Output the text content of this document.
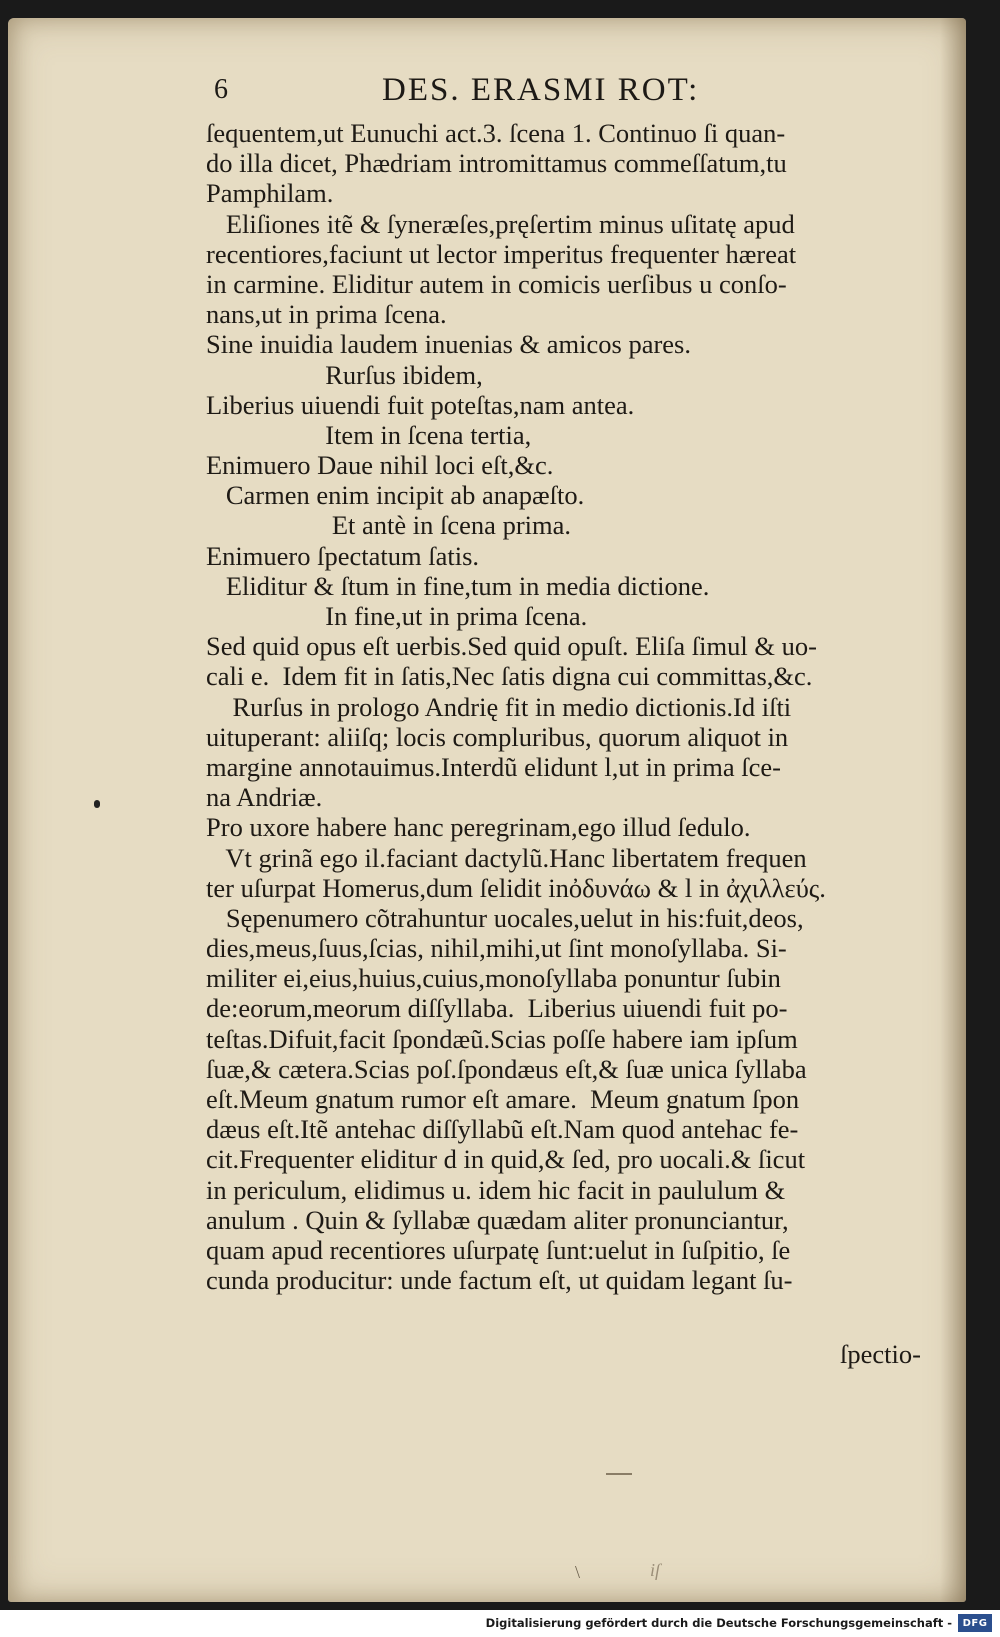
6	DES. ERASMI ROT:
ſequentem,ut Eunuchi act.3. ſcena 1. Continuo ſi quan-
do illa dicet, Phædriam intromittamus commeſſatum,tu
Pamphilam.
Eliſiones itẽ & ſyneræſes,pręſertim minus uſitatę apud
recentiores,faciunt ut lector imperitus frequenter hæreat
in carmine. Eliditur autem in comicis uerſibus u conſo-
nans,ut in prima ſcena.
Sine inuidia laudem inuenias & amicos pares.
Rurſus ibidem,
Liberius uiuendi fuit poteſtas,nam antea.
Item in ſcena tertia,
Enimuero Daue nihil loci eſt,&c.
Carmen enim incipit ab anapæſto.
Et antè in ſcena prima.
Enimuero ſpectatum ſatis.
Eliditur & ſtum in fine,tum in media dictione.
In fine,ut in prima ſcena.
Sed quid opus eſt uerbis.Sed quid opuſt. Eliſa ſimul & uo-
cali e.  Idem fit in ſatis,Nec ſatis digna cui committas,&c.
Rurſus in prologo Andrię fit in medio dictionis.Id iſti
uituperant: aliiſq; locis compluribus, quorum aliquot in
margine annotauimus.Interdũ elidunt l,ut in prima ſce-
na Andriæ.
Pro uxore habere hanc peregrinam,ego illud ſedulo.
Vt grinã ego il.faciant dactylũ.Hanc libertatem frequen
ter uſurpat Homerus,dum ſelidit inὀδυνάω & l in ἀχιλλεύς.
Sępenumero cõtrahuntur uocales,uelut in his:fuit,deos,
dies,meus,ſuus,ſcias, nihil,mihi,ut ſint monoſyllaba. Si-
militer ei,eius,huius,cuius,monoſyllaba ponuntur ſubin
de:eorum,meorum diſſyllaba.  Liberius uiuendi fuit po-
teſtas.Difuit,facit ſpondæũ.Scias poſſe habere iam ipſum
ſuæ,& cætera.Scias poſ.ſpondæus eſt,& ſuæ unica ſyllaba
eſt.Meum gnatum rumor eſt amare.  Meum gnatum ſpon
dæus eſt.Itẽ antehac diſſyllabũ eſt.Nam quod antehac fe-
cit.Frequenter eliditur d in quid,& ſed, pro uocali.& ſicut
in periculum, elidimus u. idem hic facit in paululum &
anulum . Quin & ſyllabæ quædam aliter pronunciantur,
quam apud recentiores uſurpatę ſunt:uelut in ſuſpitio, ſe
cunda producitur: unde factum eſt, ut quidam legant ſu-
ſpectio-
\	iſ
Digitalisierung gefördert durch die Deutsche Forschungsgemeinschaft -	DFG
